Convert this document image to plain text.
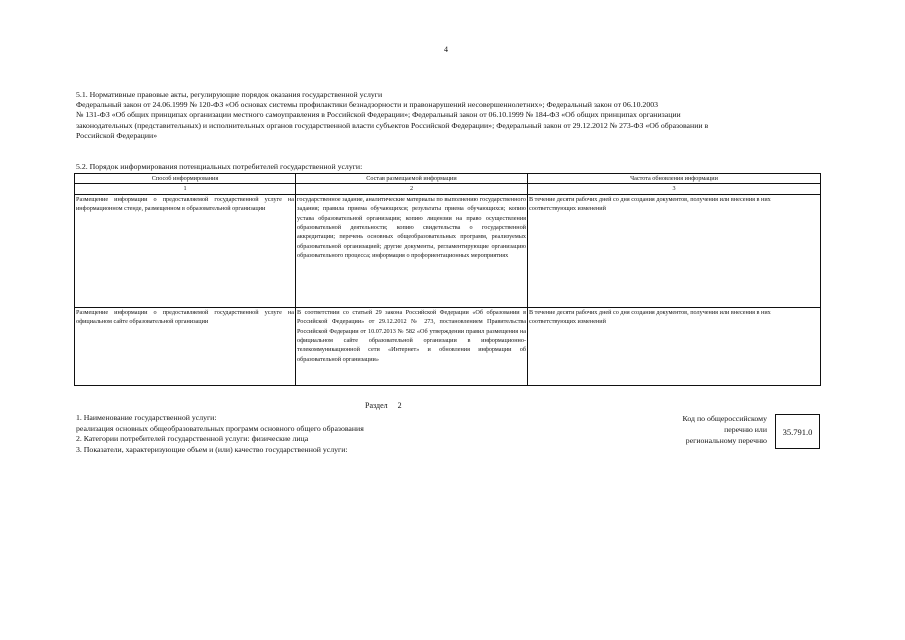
4
5.1. Нормативные правовые акты, регулирующие порядок оказания государственной услуги
Федеральный закон от 24.06.1999 № 120-ФЗ «Об основах системы профилактики безнадзорности и правонарушений несовершеннолетних»; Федеральный закон от 06.10.2003
№ 131-ФЗ «Об общих принципах организации местного самоуправления в Российской Федерации»; Федеральный закон от 06.10.1999 № 184-ФЗ «Об общих принципах организации
законодательных (представительных) и исполнительных органов государственной власти субъектов Российской Федерации»; Федеральный закон от 29.12.2012 № 273-ФЗ «Об образовании в
Российской Федерации»
5.2. Порядок информирования потенциальных потребителей государственной услуги:
Способ информирования	Состав размещаемой информации	Частота обновления информации
1	2	3
Размещение информации о предоставляемой государственной услуге на информационном стенде, размещенном в образовательной организации	государственное задание, аналитические материалы по выполнению государственного задания; правила приема обучающихся; результаты приема обучающихся; копию устава образовательной организации; копию лицензии на право осуществления образовательной деятельности; копию свидетельства о государственной аккредитации; перечень основных общеобразовательных программ, реализуемых образовательной организацией; другие документы, регламентирующие организацию образовательного процесса; информация о профориентационных мероприятиях	В течение десяти рабочих дней со дня создания документов, получения или внесения в них соответствующих изменений
Размещение информации о предоставляемой государственной услуге на официальном сайте образовательной организации	В соответствии со статьей 29 закона Российской Федерации «Об образовании в Российской Федерации» от 29.12.2012 № 273, постановлением Правительства Российской Федерации от 10.07.2013 № 582 «Об утверждении правил размещения на официальном сайте образовательной организации в информационно-телекоммуникационной сети «Интернет» и обновления информации об образовательной организации»	В течение десяти рабочих дней со дня создания документов, получения или внесения в них соответствующих изменений
Раздел 2
1. Наименование государственной услуги:
реализация основных общеобразовательных программ основного общего образования
2. Категории потребителей государственной услуги: физические лица
3. Показатели, характеризующие объем и (или) качество государственной услуги:
Код по общероссийскому
перечню или
региональному перечню
35.791.0
